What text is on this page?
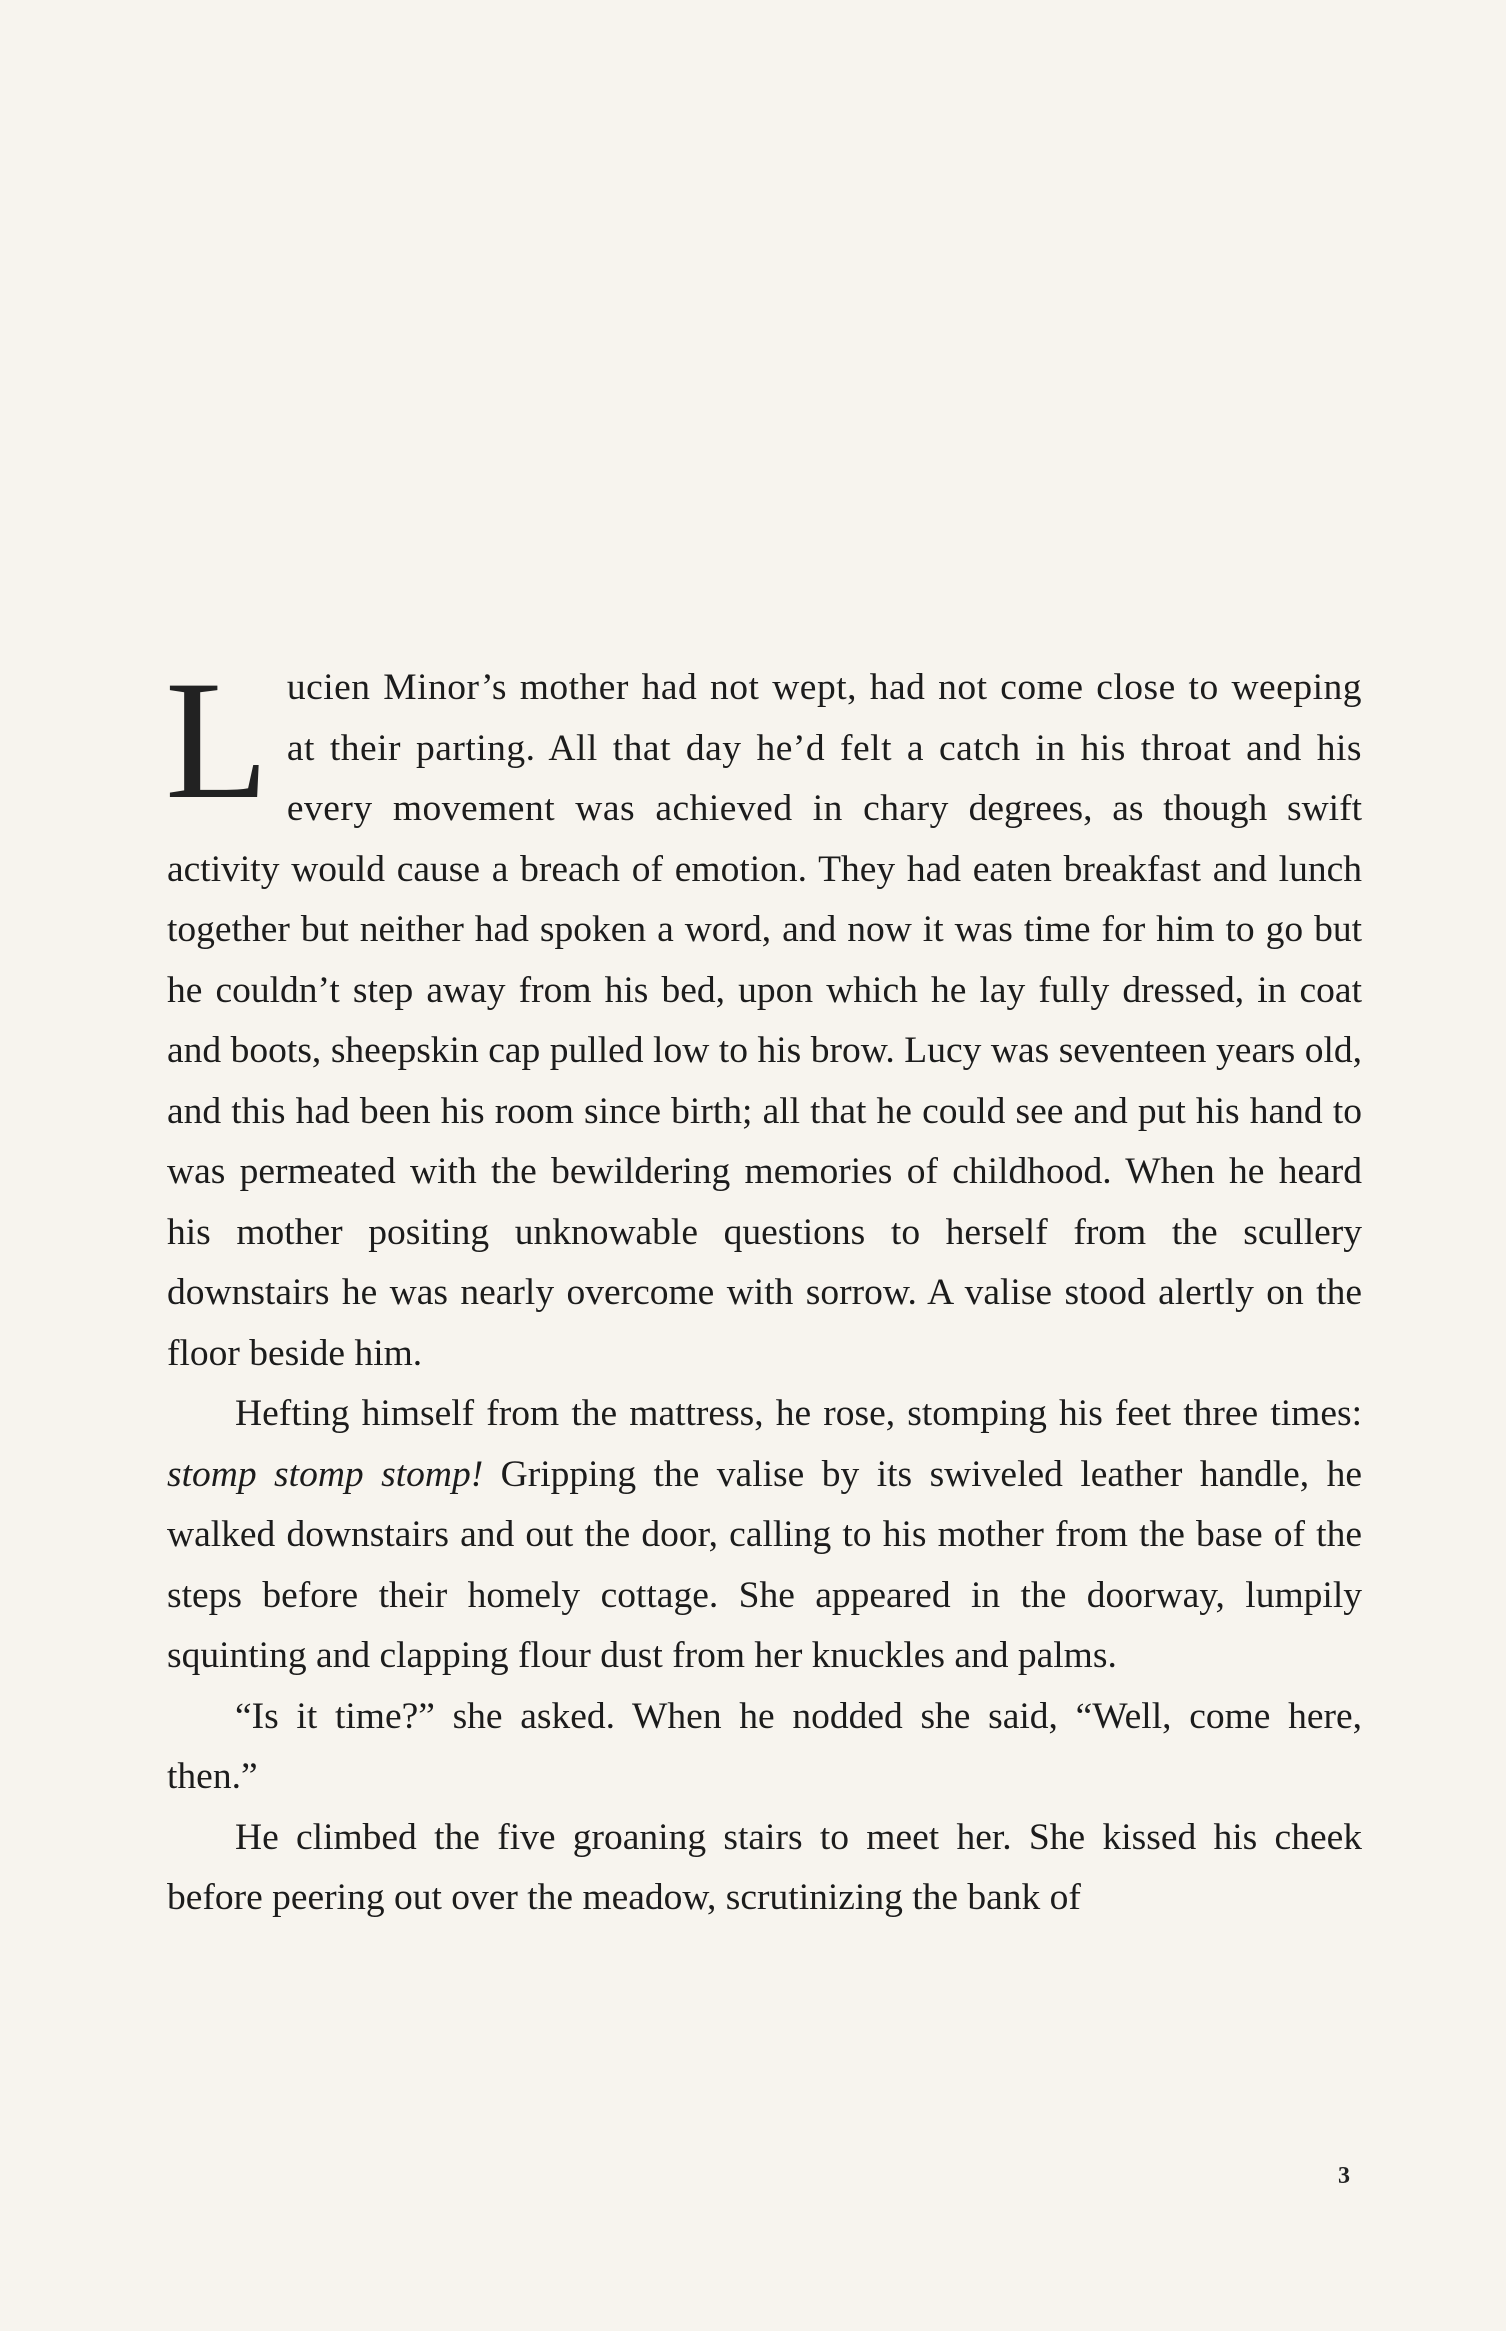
Lucien Minor’s mother had not wept, had not come close to weeping at their parting. All that day he’d felt a catch in his throat and his every movement was achieved in chary degrees, as though swift activity would cause a breach of emotion. They had eaten breakfast and lunch together but neither had spoken a word, and now it was time for him to go but he couldn’t step away from his bed, upon which he lay fully dressed, in coat and boots, sheepskin cap pulled low to his brow. Lucy was seventeen years old, and this had been his room since birth; all that he could see and put his hand to was permeated with the bewildering memories of childhood. When he heard his mother positing unknowable questions to herself from the scullery downstairs he was nearly overcome with sorrow. A valise stood alertly on the floor beside him.

Hefting himself from the mattress, he rose, stomping his feet three times: stomp stomp stomp! Gripping the valise by its swiveled leather handle, he walked downstairs and out the door, calling to his mother from the base of the steps before their homely cottage. She appeared in the doorway, lumpily squinting and clapping flour dust from her knuckles and palms.

“Is it time?” she asked. When he nodded she said, “Well, come here, then.”

He climbed the five groaning stairs to meet her. She kissed his cheek before peering out over the meadow, scrutinizing the bank of

3
